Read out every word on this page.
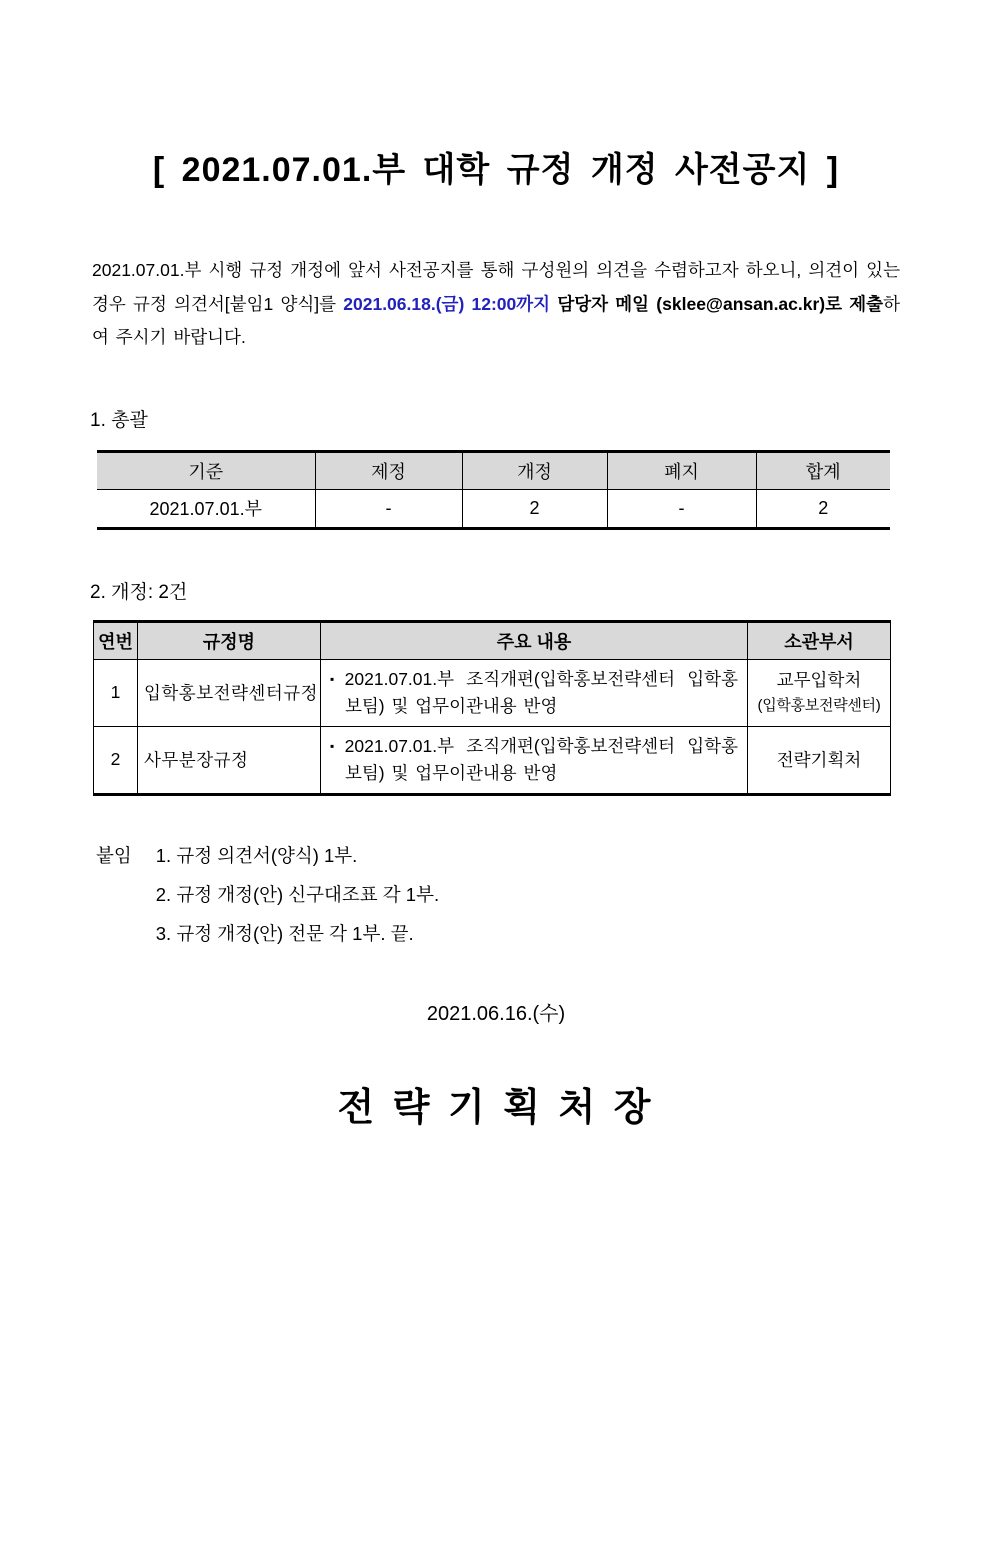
[ 2021.07.01.부 대학 규정 개정 사전공지 ]

2021.07.01.부 시행 규정 개정에 앞서 사전공지를 통해 구성원의 의견을 수렴하고자 하오니, 의견이 있는 경우 규정 의견서[붙임1 양식]를 2021.06.18.(금) 12:00까지 담당자 메일 (sklee@ansan.ac.kr)로 제출하여 주시기 바랍니다.

1. 총괄
기준	제정	개정	폐지	합계
2021.07.01.부	-	2	-	2
2. 개정: 2건
연번	규정명	주요 내용	소관부서
1	입학홍보전략센터규정	▪ 2021.07.01.부 조직개편(입학홍보전략센터 입학홍보팀) 및 업무이관내용 반영	교무입학처
(입학홍보전략센터)

2	사무분장규정	▪ 2021.07.01.부 조직개편(입학홍보전략센터 입학홍보팀) 및 업무이관내용 반영	전략기획처
붙임 1. 규정 의견서(양식) 1부.
2. 규정 개정(안) 신구대조표 각 1부.
3. 규정 개정(안) 전문 각 1부. 끝.
2021.06.16.(수)
전 략 기 획 처 장
